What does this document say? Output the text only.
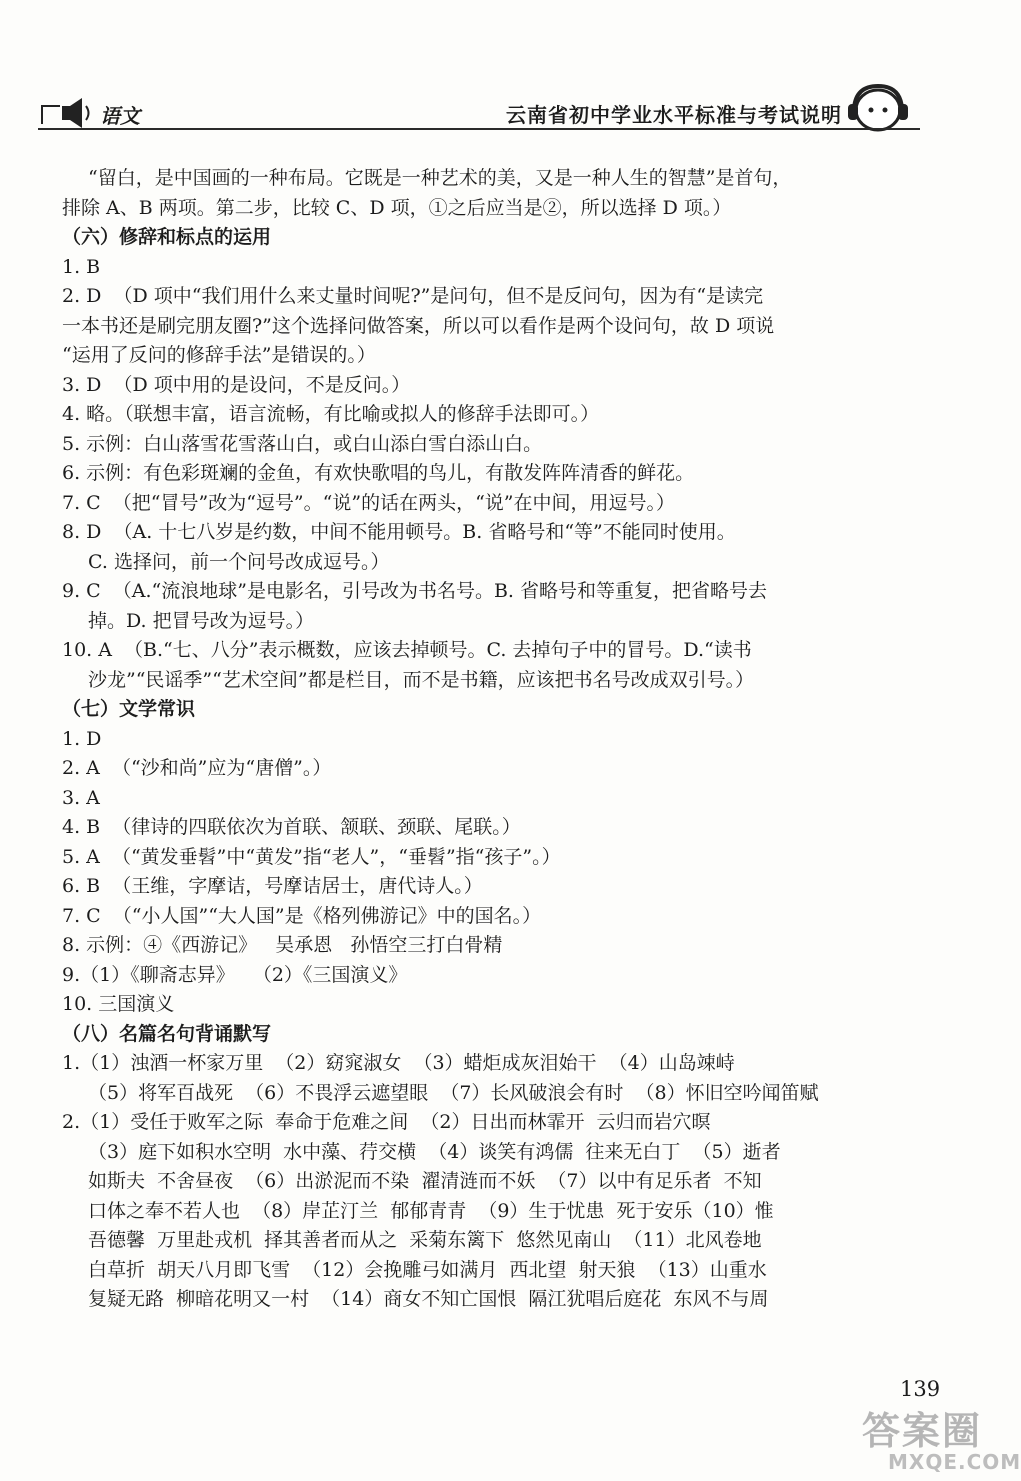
语文	云南省初中学业水平标准与考试说明
“留白，是中国画的一种布局。它既是一种艺术的美，又是一种人生的智慧”是首句，
排除 A、B 两项。第二步，比较 C、D 项，①之后应当是②，所以选择 D 项。）
（六）修辞和标点的运用
1. B
2. D  （D 项中“我们用什么来丈量时间呢?”是问句，但不是反问句，因为有“是读完
一本书还是刷完朋友圈?”这个选择问做答案，所以可以看作是两个设问句，故 D 项说
“运用了反问的修辞手法”是错误的。）
3. D  （D 项中用的是设问，不是反问。）
4. 略。（联想丰富，语言流畅，有比喻或拟人的修辞手法即可。）
5. 示例：白山落雪花雪落山白，或白山添白雪白添山白。
6. 示例：有色彩斑斓的金鱼，有欢快歌唱的鸟儿，有散发阵阵清香的鲜花。
7. C  （把“冒号”改为“逗号”。“说”的话在两头，“说”在中间，用逗号。）
8. D  （A. 十七八岁是约数，中间不能用顿号。B. 省略号和“等”不能同时使用。
C. 选择问，前一个问号改成逗号。）
9. C  （A.“流浪地球”是电影名，引号改为书名号。B. 省略号和等重复，把省略号去
掉。D. 把冒号改为逗号。）
10. A  （B.“七、八分”表示概数，应该去掉顿号。C. 去掉句子中的冒号。D.“读书
沙龙”“民谣季”“艺术空间”都是栏目，而不是书籍，应该把书名号改成双引号。）
（七）文学常识
1. D
2. A  （“沙和尚”应为“唐僧”。）
3. A
4. B  （律诗的四联依次为首联、颔联、颈联、尾联。）
5. A  （“黄发垂髫”中“黄发”指“老人”，“垂髫”指“孩子”。）
6. B  （王维，字摩诘，号摩诘居士，唐代诗人。）
7. C  （“小人国”“大人国”是《格列佛游记》中的国名。）
8. 示例：④《西游记》   吴承恩   孙悟空三打白骨精
9.（1）《聊斋志异》   （2）《三国演义》
10. 三国演义
（八）名篇名句背诵默写
1.（1）浊酒一杯家万里  （2）窈窕淑女  （3）蜡炬成灰泪始干  （4）山岛竦峙
（5）将军百战死  （6）不畏浮云遮望眼  （7）长风破浪会有时  （8）怀旧空吟闻笛赋
2.（1）受任于败军之际  奉命于危难之间  （2）日出而林霏开  云归而岩穴暝
（3）庭下如积水空明  水中藻、荇交横  （4）谈笑有鸿儒  往来无白丁  （5）逝者
如斯夫  不舍昼夜  （6）出淤泥而不染  濯清涟而不妖  （7）以中有足乐者  不知
口体之奉不若人也  （8）岸芷汀兰  郁郁青青  （9）生于忧患  死于安乐（10）惟
吾德馨  万里赴戎机  择其善者而从之  采菊东篱下  悠然见南山  （11）北风卷地
白草折  胡天八月即飞雪  （12）会挽雕弓如满月  西北望  射天狼  （13）山重水
复疑无路  柳暗花明又一村  （14）商女不知亡国恨  隔江犹唱后庭花  东风不与周
139
答案圈
MXQE.COM
